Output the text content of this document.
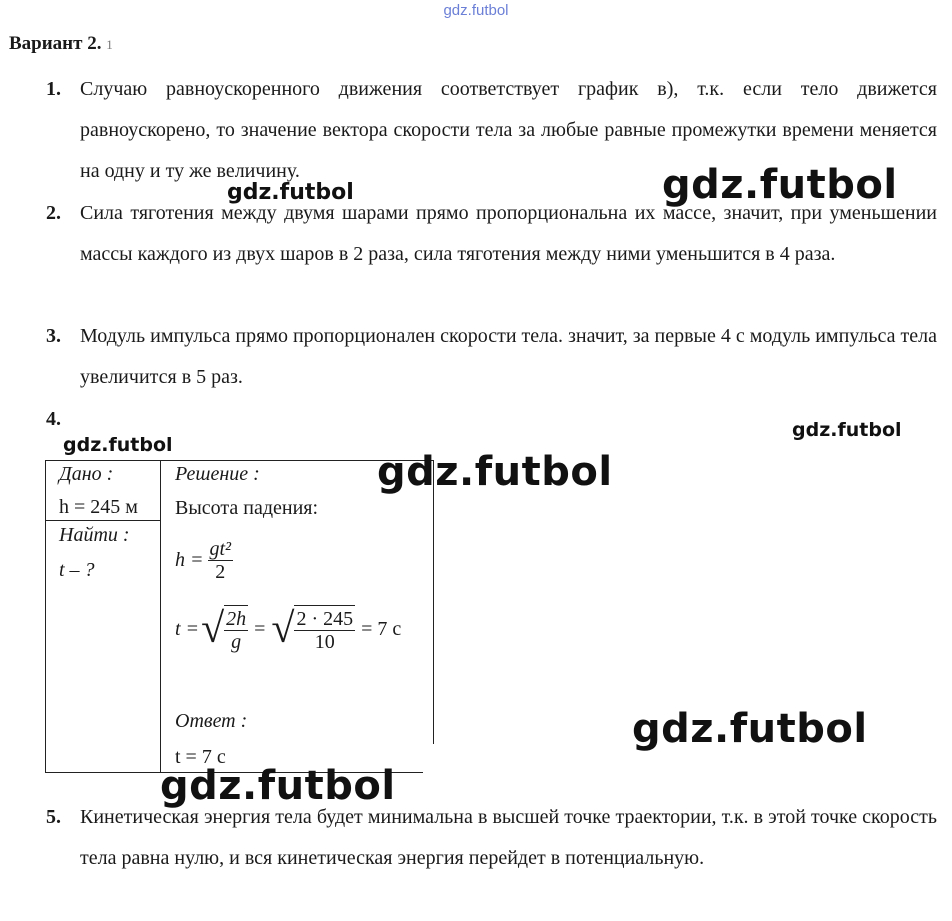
gdz.futbol
Вариант 2. 1
1. Случаю равноускоренного движения соответствует график в), т.к. если тело движется равноускорено, то значение вектора скорости тела за любые равные промежутки времени меняется на одну и ту же величину.
2. Сила тяготения между двумя шарами прямо пропорциональна их массе, значит, при уменьшении массы каждого из двух шаров в 2 раза, сила тяготения между ними уменьшится в 4 раза.
3. Модуль импульса прямо пропорционален скорости тела. значит, за первые 4 с модуль импульса тела увеличится в 5 раз.
4.
Дано :
h = 245 м
Найти :
t – ?
Решение :
Высота падения:
$h = \frac{\text{gt²}}{2}$
t = √ $\frac{2h}{g}$ = √ $\frac{2 \cdot 245}{10} = 7$ с
Ответ :
t = 7 с
5. Кинетическая энергия тела будет минимальна в высшей точке траектории, т.к. в этой точке скорость тела равна нулю, и вся кинетическая энергия перейдет в потенциальную.
gdz.futbol
gdz.futbol
gdz.futbol
gdz.futbol
gdz.futbol
gdz.futbol
gdz.futbol
